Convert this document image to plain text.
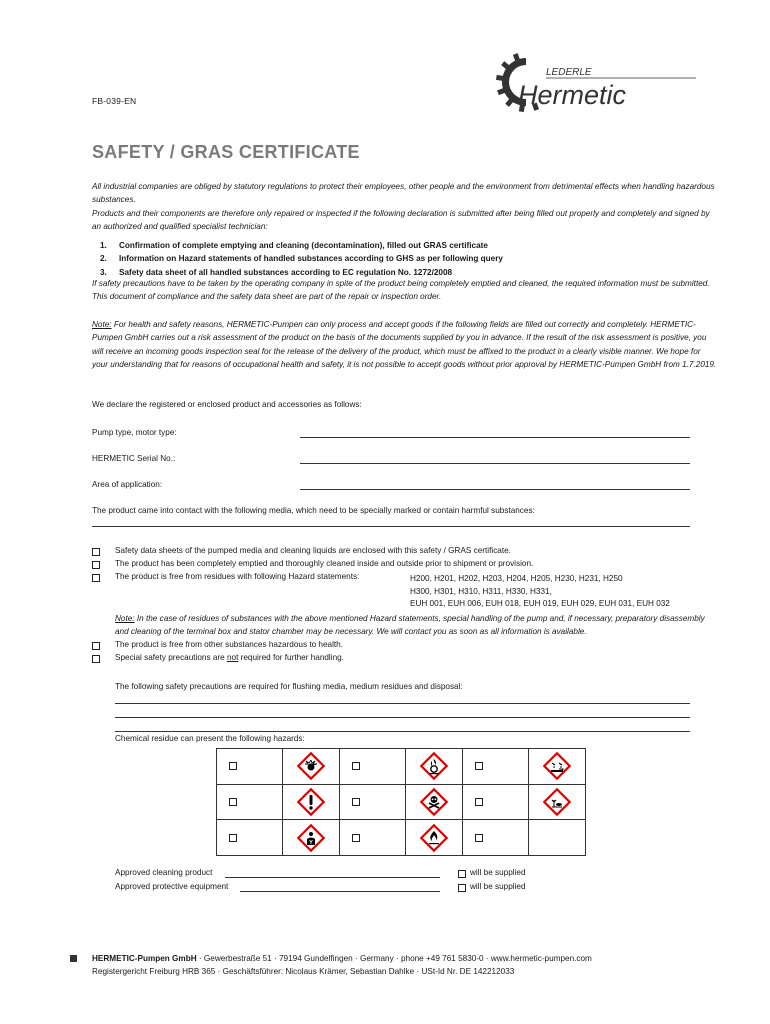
FB-039-EN
LEDERLE
Hermetic
SAFETY / GRAS CERTIFICATE

All industrial companies are obliged by statutory regulations to protect their employees, other people and the environment from detrimental effects when handling hazardous substances.

Products and their components are therefore only repaired or inspected if the following declaration is submitted after being filled out properly and completely and signed by an authorized and qualified specialist technician:

1. Confirmation of complete emptying and cleaning (decontamination), filled out GRAS certificate
2. Information on Hazard statements of handled substances according to GHS as per following query
3. Safety data sheet of all handled substances according to EC regulation No. 1272/2008
If safety precautions have to be taken by the operating company in spite of the product being completely emptied and cleaned, the required information must be submitted. This document of compliance and the safety data sheet are part of the repair or inspection order.
Note: For health and safety reasons, HERMETIC-Pumpen can only process and accept goods if the following fields are filled out correctly and completely. HERMETIC-Pumpen GmbH carries out a risk assessment of the product on the basis of the documents supplied by you in advance. If the result of the risk assessment is positive, you will receive an incoming goods inspection seal for the release of the delivery of the product, which must be affixed to the product in a clearly visible manner. We hope for your understanding that for reasons of occupational health and safety, it is not possible to accept goods without prior approval by HERMETIC-Pumpen GmbH from 1.7.2019.
We declare the registered or enclosed product and accessories as follows:
Pump type, motor type:
HERMETIC Serial No.:
Area of application:
The product came into contact with the following media, which need to be specially marked or contain harmful substances:
Safety data sheets of the pumped media and cleaning liquids are enclosed with this safety / GRAS certificate.
The product has been completely emptied and thoroughly cleaned inside and outside prior to shipment or provision.
The product is free from residues with following Hazard statements:	H200, H201, H202, H203, H204, H205, H230, H231, H250
H300, H301, H310, H311, H330, H331,
EUH 001, EUH 006, EUH 018, EUH 019, EUH 029, EUH 031, EUH 032
Note: In the case of residues of substances with the above mentioned Hazard statements, special handling of the pump and, if necessary, preparatory disassembly and cleaning of the terminal box and stator chamber may be necessary. We will contact you as soon as all information is available.
The product is free from other substances hazardous to health.
Special safety precautions are not required for further handling.
The following safety precautions are required for flushing media, medium residues and disposal:
Chemical residue can present the following hazards:

Approved cleaning product	will be supplied
Approved protective equipment	will be supplied
HERMETIC-Pumpen GmbH · Gewerbestraße 51 · 79194 Gundelfingen · Germany · phone +49 761 5830-0 · www.hermetic-pumpen.com
Registergericht Freiburg HRB 365 · Geschäftsführer: Nicolaus Krämer, Sebastian Dahlke · USt-Id Nr. DE 142212033
